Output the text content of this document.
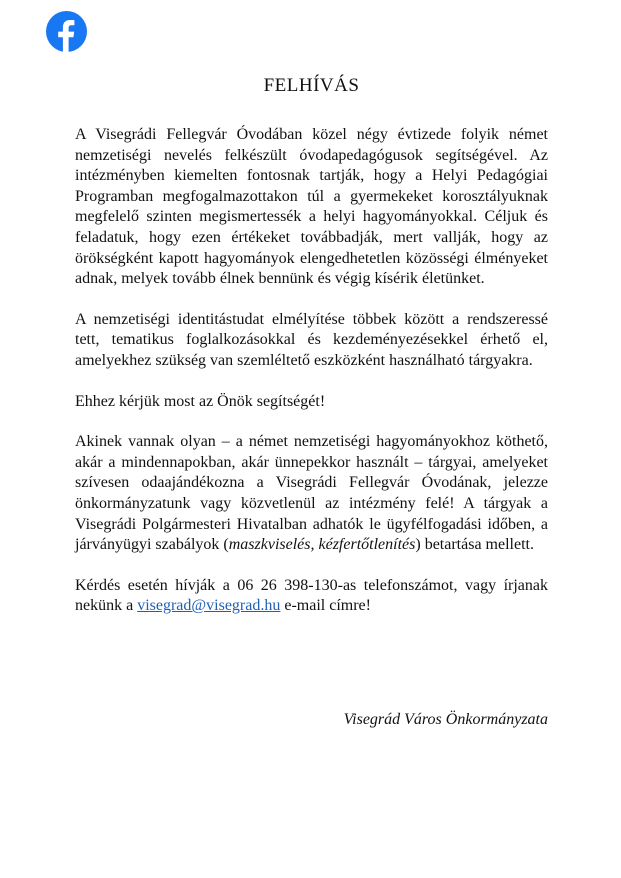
FELHÍVÁS

A Visegrádi Fellegvár Óvodában közel négy évtizede folyik német nemzetiségi nevelés felkészült óvodapedagógusok segítségével. Az intézményben kiemelten fontosnak tartják, hogy a Helyi Pedagógiai Programban megfogalmazottakon túl a gyermekeket korosztályuknak megfelelő szinten megismertessék a helyi hagyományokkal. Céljuk és feladatuk, hogy ezen értékeket továbbadják, mert vallják, hogy az örökségként kapott hagyományok elengedhetetlen közösségi élményeket adnak, melyek tovább élnek bennünk és végig kísérik életünket.

A nemzetiségi identitástudat elmélyítése többek között a rendszeressé tett, tematikus foglalkozásokkal és kezdeményezésekkel érhető el, amelyekhez szükség van szemléltető eszközként használható tárgyakra.

Ehhez kérjük most az Önök segítségét!

Akinek vannak olyan – a német nemzetiségi hagyományokhoz köthető, akár a mindennapokban, akár ünnepekkor használt – tárgyai, amelyeket szívesen odaajándékozna a Visegrádi Fellegvár Óvodának, jelezze önkormányzatunk vagy közvetlenül az intézmény felé! A tárgyak a Visegrádi Polgármesteri Hivatalban adhatók le ügyfélfogadási időben, a járványügyi szabályok (maszkviselés, kézfertőtlenítés) betartása mellett.

Kérdés esetén hívják a 06 26 398-130-as telefonszámot, vagy írjanak nekünk a visegrad@visegrad.hu e-mail címre!

Visegrád Város Önkormányzata
